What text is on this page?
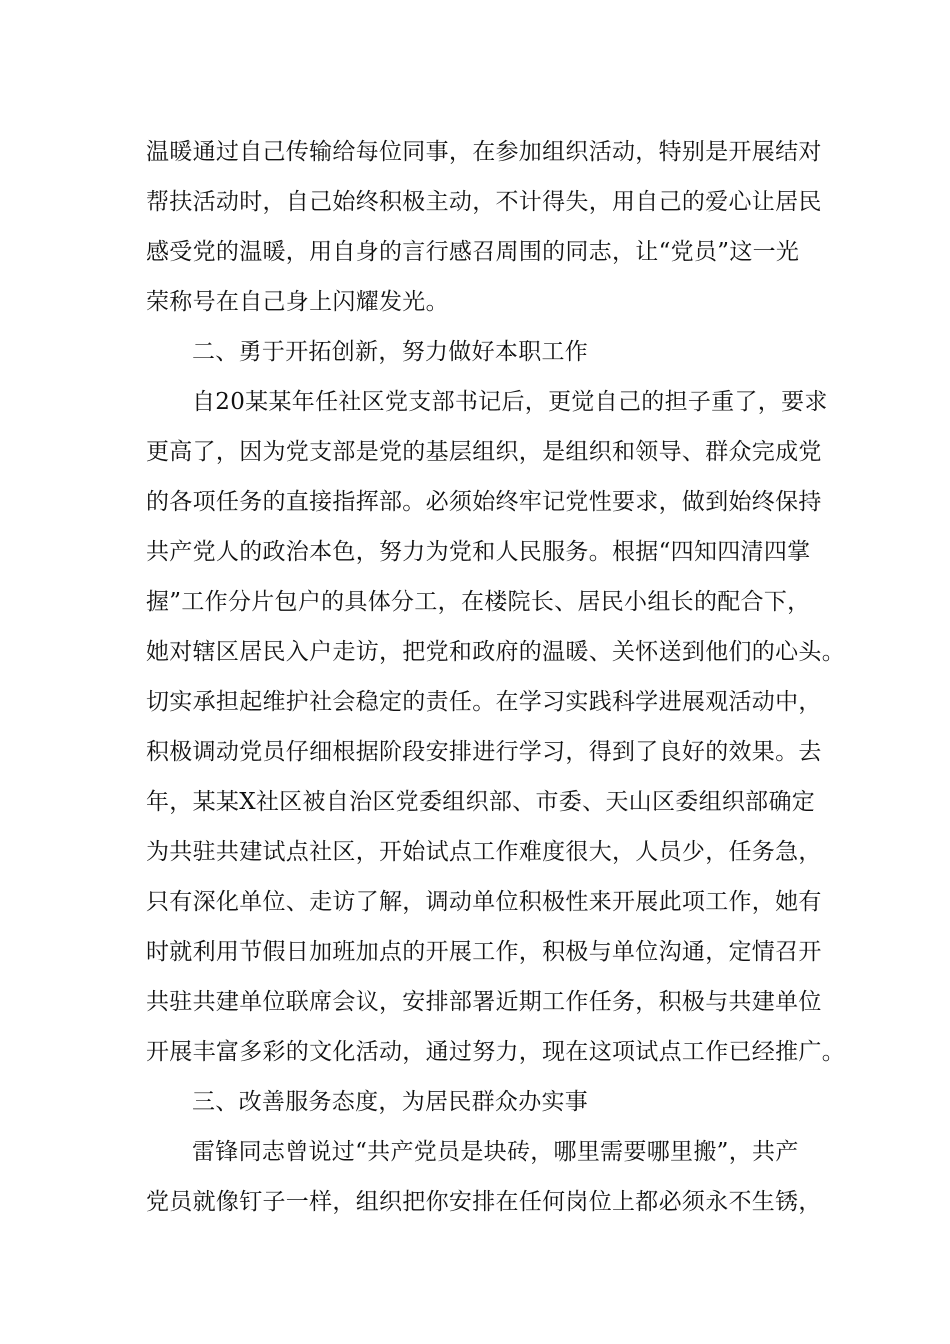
温暖通过自己传输给每位同事，在参加组织活动，特别是开展结对
帮扶活动时，自己始终积极主动，不计得失，用自己的爱心让居民
感受党的温暖，用自身的言行感召周围的同志，让“党员”这一光
荣称号在自己身上闪耀发光。
二、勇于开拓创新，努力做好本职工作
自20某某年任社区党支部书记后，更觉自己的担子重了，要求
更高了，因为党支部是党的基层组织，是组织和领导、群众完成党
的各项任务的直接指挥部。必须始终牢记党性要求，做到始终保持
共产党人的政治本色，努力为党和人民服务。根据“四知四清四掌
握”工作分片包户的具体分工，在楼院长、居民小组长的配合下，
她对辖区居民入户走访，把党和政府的温暖、关怀送到他们的心头。
切实承担起维护社会稳定的责任。在学习实践科学进展观活动中，
积极调动党员仔细根据阶段安排进行学习，得到了良好的效果。去
年，某某X社区被自治区党委组织部、市委、天山区委组织部确定
为共驻共建试点社区，开始试点工作难度很大，人员少，任务急，
只有深化单位、走访了解，调动单位积极性来开展此项工作，她有
时就利用节假日加班加点的开展工作，积极与单位沟通，定情召开
共驻共建单位联席会议，安排部署近期工作任务，积极与共建单位
开展丰富多彩的文化活动，通过努力，现在这项试点工作已经推广。
三、改善服务态度，为居民群众办实事
雷锋同志曾说过“共产党员是块砖，哪里需要哪里搬”，共产
党员就像钉子一样，组织把你安排在任何岗位上都必须永不生锈，
